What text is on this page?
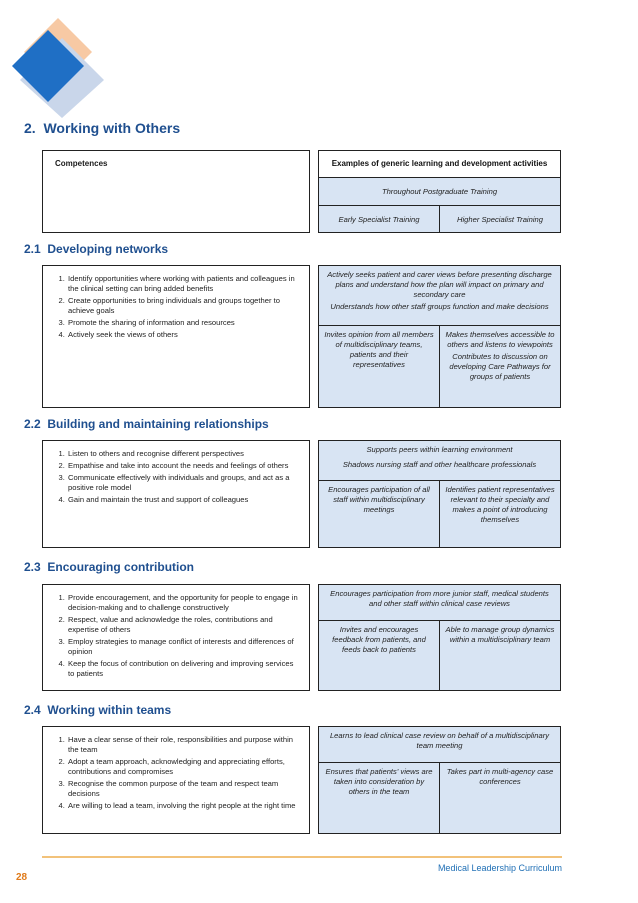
2. Working with Others
Competences	Examples of generic learning and development activities
Throughout Postgraduate Training
Early Specialist Training	Higher Specialist Training
2.1 Developing networks
1. Identify opportunities where working with patients and colleagues in the clinical setting can bring added benefits
2. Create opportunities to bring individuals and groups together to achieve goals
3. Promote the sharing of information and resources
4. Actively seek the views of others
Actively seeks patient and carer views before presenting discharge plans and understand how the plan will impact on primary and secondary care
Understands how other staff groups function and make decisions

Invites opinion from all members of multidisciplinary teams, patients and their representatives

Makes themselves accessible to others and listens to viewpoints

Contributes to discussion on developing Care Pathways for groups of patients

2.2 Building and maintaining relationships
1. Listen to others and recognise different perspectives
2. Empathise and take into account the needs and feelings of others
3. Communicate effectively with individuals and groups, and act as a positive role model
4. Gain and maintain the trust and support of colleagues
Supports peers within learning environment
Shadows nursing staff and other healthcare professionals

Encourages participation of all staff within multidisciplinary meetings

Identifies patient representatives relevant to their specialty and makes a point of introducing themselves

2.3 Encouraging contribution
1. Provide encouragement, and the opportunity for people to engage in decision-making and to challenge constructively
2. Respect, value and acknowledge the roles, contributions and expertise of others
3. Employ strategies to manage conflict of interests and differences of opinion
4. Keep the focus of contribution on delivering and improving services to patients
Encourages participation from more junior staff, medical students and other staff within clinical case reviews

Invites and encourages feedback from patients, and feeds back to patients

Able to manage group dynamics within a multidisciplinary team

2.4 Working within teams
1. Have a clear sense of their role, responsibilities and purpose within the team
2. Adopt a team approach, acknowledging and appreciating efforts, contributions and compromises
3. Recognise the common purpose of the team and respect team decisions
4. Are willing to lead a team, involving the right people at the right time
Learns to lead clinical case review on behalf of a multidisciplinary team meeting

Ensures that patients' views are taken into consideration by others in the team

Takes part in multi-agency case conferences

28
Medical Leadership Curriculum
